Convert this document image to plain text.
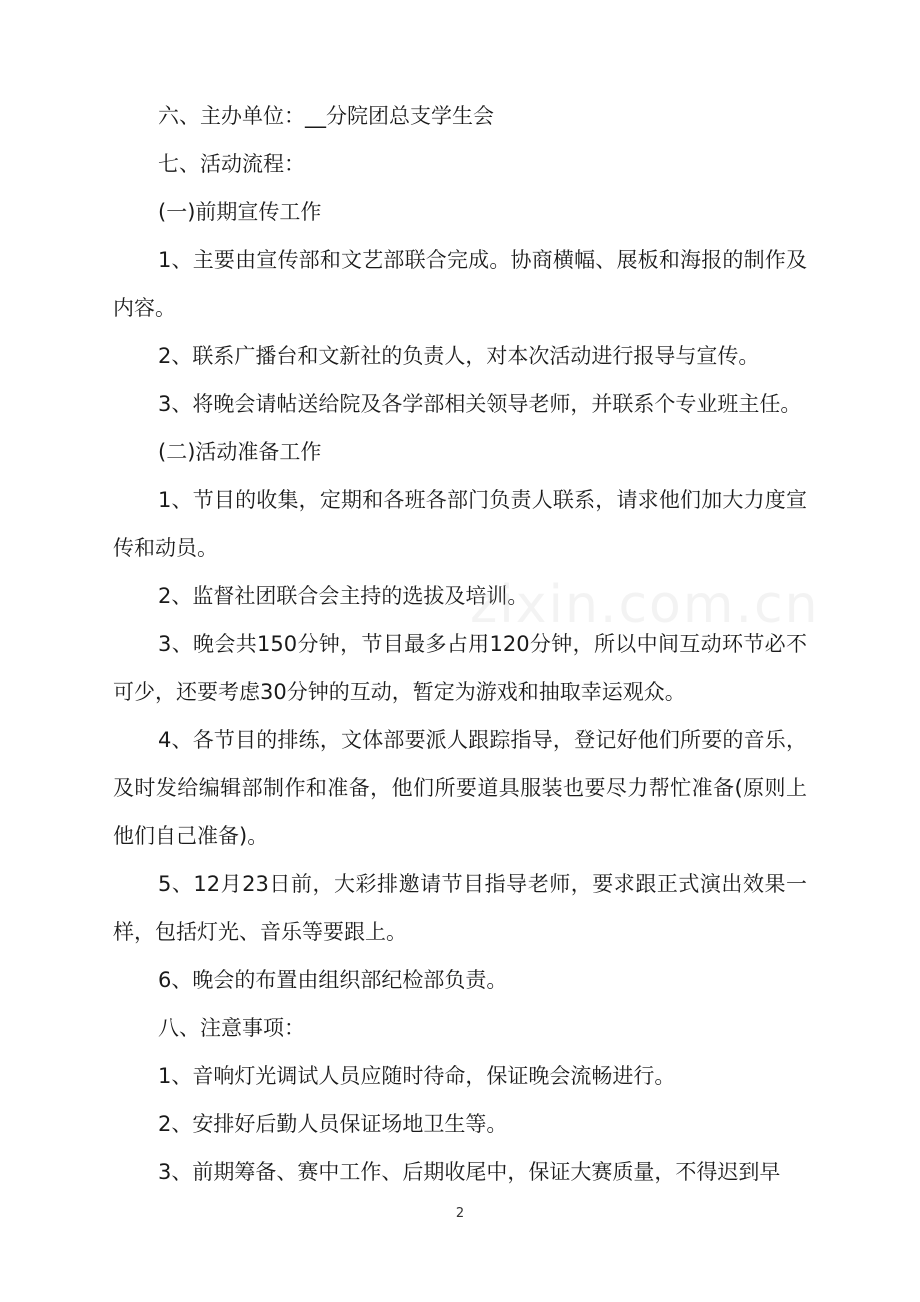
六、主办单位：__分院团总支学生会

七、活动流程：

(一)前期宣传工作

1、主要由宣传部和文艺部联合完成。协商横幅、展板和海报的制作及内容。

2、联系广播台和文新社的负责人，对本次活动进行报导与宣传。

3、将晚会请帖送给院及各学部相关领导老师，并联系个专业班主任。

(二)活动准备工作

1、节目的收集，定期和各班各部门负责人联系，请求他们加大力度宣传和动员。

2、监督社团联合会主持的选拔及培训。

3、晚会共150分钟，节目最多占用120分钟，所以中间互动环节必不可少，还要考虑30分钟的互动，暂定为游戏和抽取幸运观众。

4、各节目的排练，文体部要派人跟踪指导，登记好他们所要的音乐，及时发给编辑部制作和准备，他们所要道具服装也要尽力帮忙准备(原则上他们自己准备)。

5、12月23日前，大彩排邀请节目指导老师，要求跟正式演出效果一样，包括灯光、音乐等要跟上。

6、晚会的布置由组织部纪检部负责。

八、注意事项：

1、音响灯光调试人员应随时待命，保证晚会流畅进行。

2、安排好后勤人员保证场地卫生等。

3、前期筹备、赛中工作、后期收尾中，保证大赛质量，不得迟到早

zixin.com.cn
2
